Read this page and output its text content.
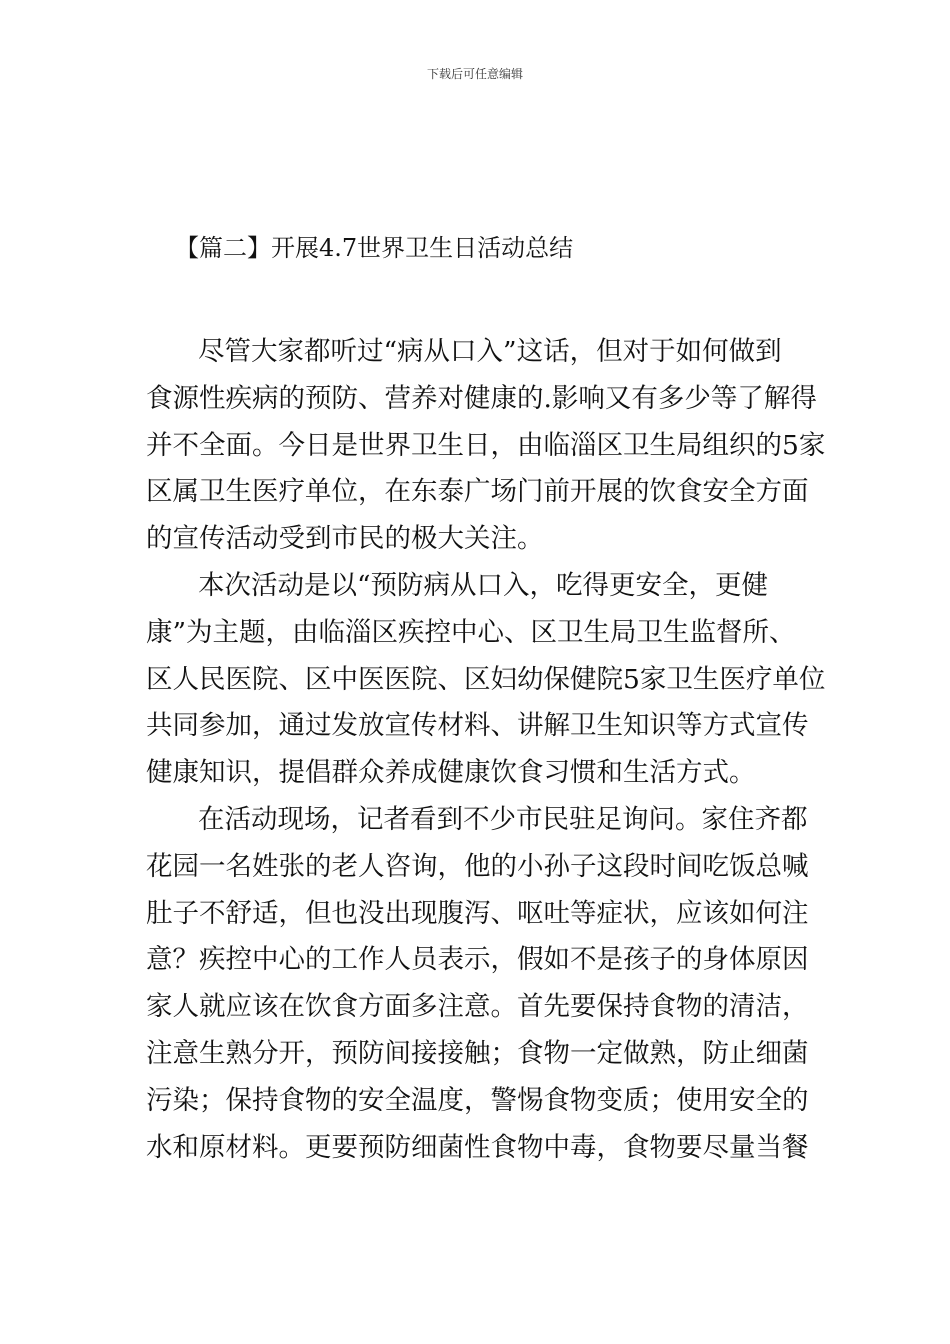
下载后可任意编辑
【篇二】开展4.7世界卫生日活动总结
尽管大家都听过“病从口入”这话，但对于如何做到
食源性疾病的预防、营养对健康的.影响又有多少等了解得
并不全面。今日是世界卫生日，由临淄区卫生局组织的5家
区属卫生医疗单位，在东泰广场门前开展的饮食安全方面
的宣传活动受到市民的极大关注。
本次活动是以“预防病从口入，吃得更安全，更健
康”为主题，由临淄区疾控中心、区卫生局卫生监督所、
区人民医院、区中医医院、区妇幼保健院5家卫生医疗单位
共同参加，通过发放宣传材料、讲解卫生知识等方式宣传
健康知识，提倡群众养成健康饮食习惯和生活方式。
在活动现场，记者看到不少市民驻足询问。家住齐都
花园一名姓张的老人咨询，他的小孙子这段时间吃饭总喊
肚子不舒适，但也没出现腹泻、呕吐等症状，应该如何注
意？疾控中心的工作人员表示，假如不是孩子的身体原因
家人就应该在饮食方面多注意。首先要保持食物的清洁，
注意生熟分开，预防间接接触；食物一定做熟，防止细菌
污染；保持食物的安全温度，警惕食物变质；使用安全的
水和原材料。更要预防细菌性食物中毒，食物要尽量当餐
